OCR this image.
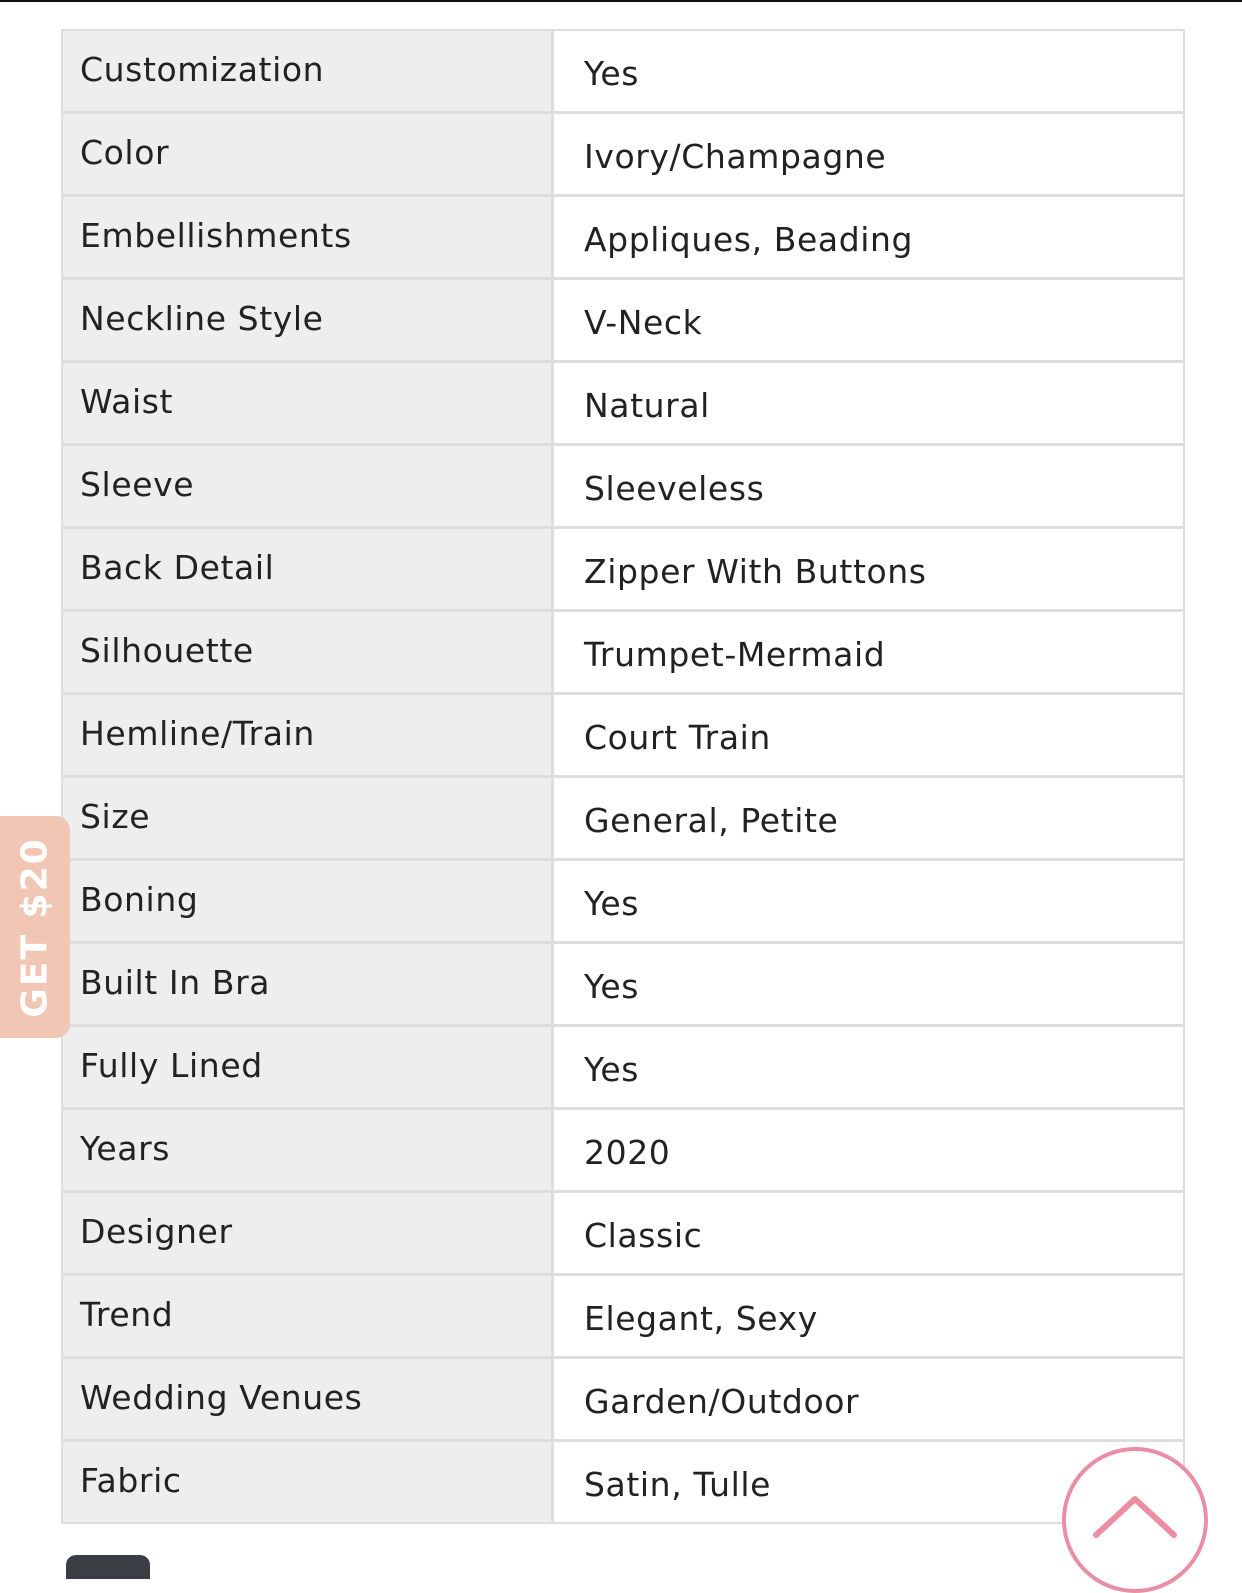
Customization	Yes
Color	Ivory/Champagne
Embellishments	Appliques, Beading
Neckline Style	V-Neck
Waist	Natural
Sleeve	Sleeveless
Back Detail	Zipper With Buttons
Silhouette	Trumpet-Mermaid
Hemline/Train	Court Train
Size	General, Petite
Boning	Yes
Built In Bra	Yes
Fully Lined	Yes
Years	2020
Designer	Classic
Trend	Elegant, Sexy
Wedding Venues	Garden/Outdoor
Fabric	Satin, Tulle
GET $20
